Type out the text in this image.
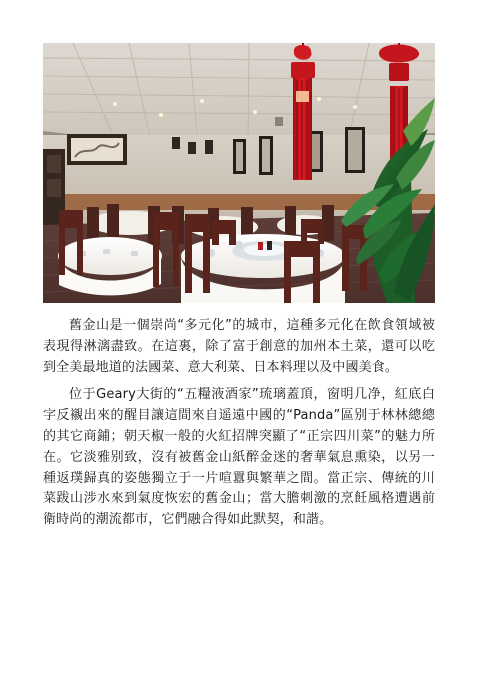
舊金山是一個崇尚“多元化”的城市，這種多元化在飲食領域被表現得淋漓盡致。在這裏，除了富于創意的加州本土菜，還可以吃到全美最地道的法國菜、意大利菜、日本料理以及中國美食。

位于Geary大街的“五糧液酒家”琉璃蓋頂，窗明几净，紅底白字反襯出來的醒目讓這間來自遥遠中國的“Panda”區别于林林總總的其它商鋪；朝天椒一般的火紅招牌突顯了“正宗四川菜”的魅力所在。它淡雅别致，沒有被舊金山紙醉金迷的奢華氣息熏染，以另一種返璞歸真的姿態獨立于一片喧囂與繁華之間。當正宗、傳統的川菜跋山涉水來到氣度恢宏的舊金山；當大膽刺激的烹飪風格遭遇前衛時尚的潮流都市，它們融合得如此默契，和諧。
